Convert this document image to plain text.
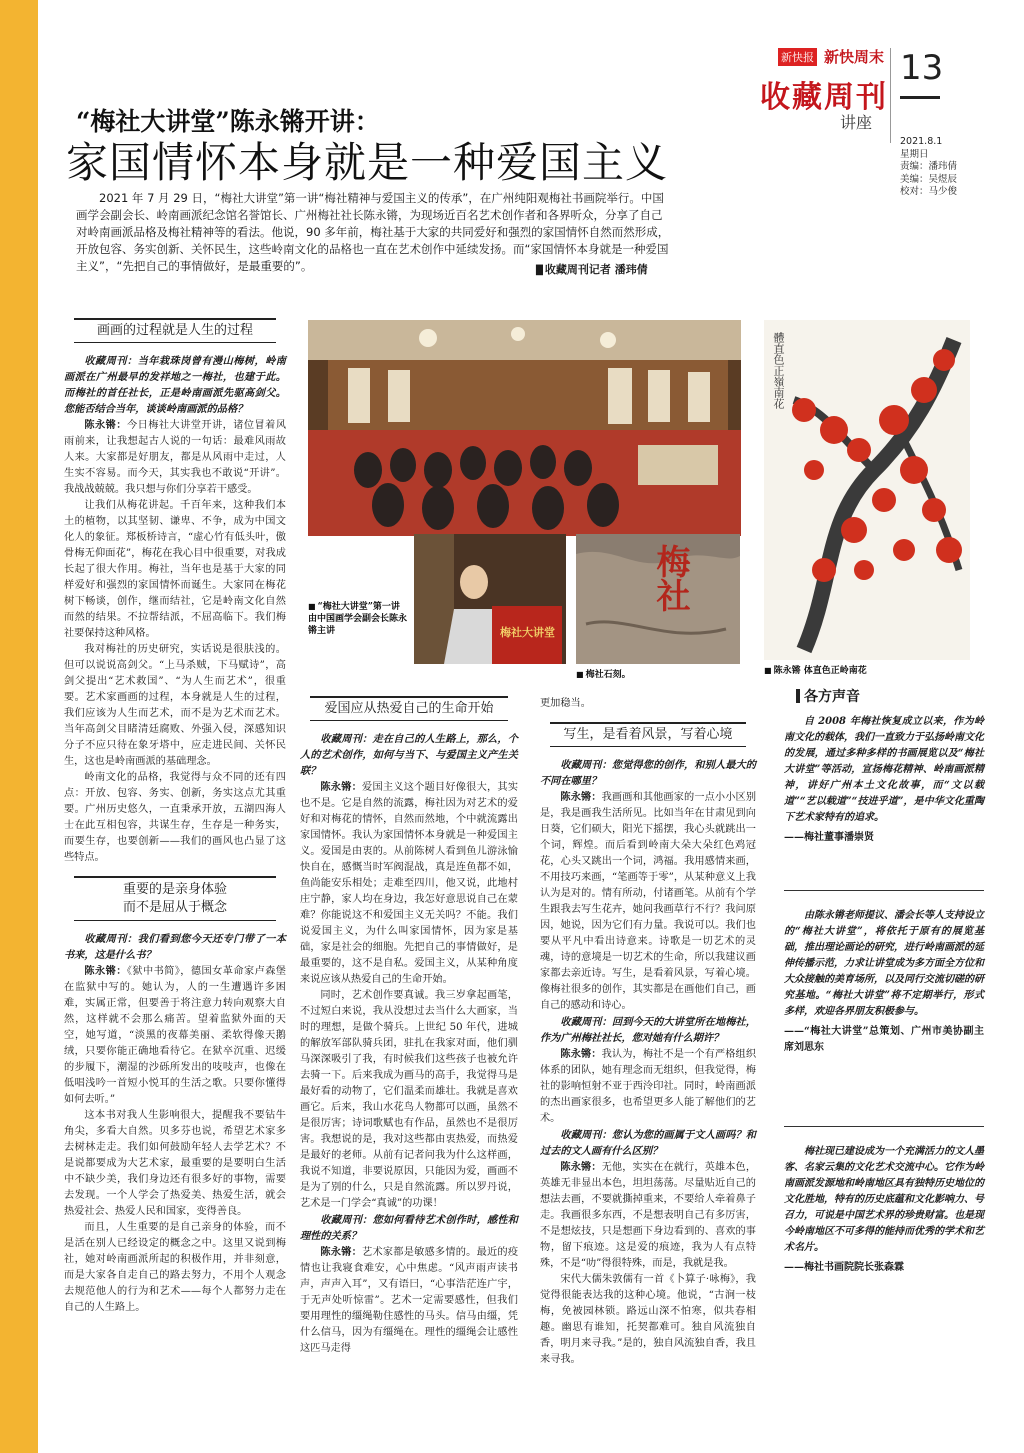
新快报 新快周末
收藏周刊
13
讲座
2021.8.1
星期日
责编：潘玮倩
美编：吴煜辰
校对：马少俊
“梅社大讲堂”陈永锵开讲：
家国情怀本身就是一种爱国主义
2021 年 7 月 29 日，“梅社大讲堂”第一讲“梅社精神与爱国主义的传承”，在广州纯阳观梅社书画院举行。中国画学会副会长、岭南画派纪念馆名誉馆长、广州梅社社长陈永锵，为现场近百名艺术创作者和各界听众，分享了自己对岭南画派品格及梅社精神等的看法。他说，90 多年前，梅社基于大家的共同爱好和强烈的家国情怀自然而然形成，开放包容、务实创新、关怀民生，这些岭南文化的品格也一直在艺术创作中延续发扬。而“家国情怀本身就是一种爱国主义”，“先把自己的事情做好，是最重要的”。	█ 收藏周刊记者 潘玮倩
画画的过程就是人生的过程

收藏周刊：当年栽珠岗曾有漫山梅树，岭南画派在广州最早的发祥地之一梅社，也建于此。而梅社的首任社长，正是岭南画派先驱高剑父。您能否结合当年，谈谈岭南画派的品格？

陈永锵：今日梅社大讲堂开讲，诸位冒着风雨前来，让我想起古人说的一句话：最难风雨故人来。大家都是好朋友，都是从风雨中走过，人生实不容易。而今天，其实我也不敢说“开讲”。我战战兢兢。我只想与你们分享若干感受。

让我们从梅花讲起。千百年来，这种我们本土的植物，以其坚韧、谦卑、不争，成为中国文化人的象征。郑板桥诗言，“虚心竹有低头叶，傲骨梅无仰面花”，梅花在我心目中很重要，对我成长起了很大作用。梅社，当年也是基于大家的同样爱好和强烈的家国情怀而诞生。大家同在梅花树下畅谈，创作，继而结社，它是岭南文化自然而然的结果。不拉帮结派，不屈高临下。我们梅社要保持这种风格。

我对梅社的历史研究，实话说是很肤浅的。但可以说说高剑父。“上马杀贼，下马赋诗”，高剑父提出“艺术救国”、“为人生而艺术”，很重要。艺术家画画的过程，本身就是人生的过程，我们应该为人生而艺术，而不是为艺术而艺术。当年高剑父目睹清廷腐败、外强入侵，深感知识分子不应只待在象牙塔中，应走进民间、关怀民生，这也是岭南画派的基础理念。

岭南文化的品格，我觉得与众不同的还有四点：开放、包容、务实、创新，务实这点尤其重要。广州历史悠久，一直秉承开放，五湖四海人士在此互相包容，共谋生存，生存是一种务实，而要生存，也要创新——我们的画风也凸显了这些特点。

重要的是亲身体验
而不是屈从于概念

收藏周刊：我们看到您今天还专门带了一本书来，这是什么书？

陈永锵：《狱中书简》，德国女革命家卢森堡在监狱中写的。她认为，人的一生遭遇许多困难，实属正常，但要善于将注意力转向观察大自然，这样就不会那么痛苦。望着监狱外面的天空，她写道，“淡黑的夜幕美丽、柔软得像天鹅绒，只要你能正确地看待它。在狱卒沉重、迟缓的步履下，潮湿的沙砾所发出的吱吱声，也像在低唱浅吟一首短小悦耳的生活之歌。只要你懂得如何去听。”

这本书对我人生影响很大，提醒我不要钻牛角尖，多看大自然。贝多芬也说，希望艺术家多去树林走走。我们如何鼓励年轻人去学艺术？不是说都要成为大艺术家，最重要的是要明白生活中不缺少美，我们身边还有很多好的事物，需要去发现。一个人学会了热爱美、热爱生活，就会热爱社会、热爱人民和国家，变得善良。

而且，人生重要的是自己亲身的体验，而不是活在别人已经设定的概念之中。这里又说到梅社，她对岭南画派所起的积极作用，并非刻意，而是大家各自走自己的路去努力，不用个人观念去规范他人的行为和艺术——每个人都努力走在自己的人生路上。

體直色正嶺南花
梅社大讲堂
■ “梅社大讲堂”第一讲由中国画学会副会长陈永锵主讲
梅社
■ 梅社石刻。	■ 陈永锵 体直色正岭南花
爱国应从热爱自己的生命开始

收藏周刊：走在自己的人生路上，那么，个人的艺术创作，如何与当下、与爱国主义产生关联？

陈永锵：爱国主义这个题目好像很大，其实也不是。它是自然的流露，梅社因为对艺术的爱好和对梅花的情怀，自然而然地，个中就流露出家国情怀。我认为家国情怀本身就是一种爱国主义。爱国是由衷的。从前陈树人看到鱼儿游泳愉快自在，感慨当时军阀混战，真是连鱼都不如，鱼尚能安乐相处；走难至四川，他又说，此地村庄宁静，家人均在身边，我怎好意思说自己在蒙难？你能说这不和爱国主义无关吗？不能。我们说爱国主义，为什么叫家国情怀，因为家是基础，家是社会的细胞。先把自己的事情做好，是最重要的，这不是自私。爱国主义，从某种角度来说应该从热爱自己的生命开始。

同时，艺术创作要真诚。我三岁拿起画笔，不过短白来说，我从没想过去当什么大画家，当时的理想，是做个骑兵。上世纪 50 年代，进城的解放军部队骑兵团，驻扎在我家对面，他们驯马深深吸引了我，有时候我们这些孩子也被允许去骑一下。后来我成为画马的高手，我觉得马是最好看的动物了，它们温柔而雄壮。我就是喜欢画它。后来，我山水花鸟人物都可以画，虽然不是很厉害；诗词歌赋也有作品，虽然也不是很厉害。我想说的是，我对这些都由衷热爱，而热爱是最好的老师。从前有记者问我为什么这样画，我说不知道，非要说原因，只能因为爱，画画不是为了别的什么，只是自然流露。所以罗丹说，艺术是一门学会“真诚”的功课！

收藏周刊：您如何看待艺术创作时，感性和理性的关系？

陈永锵：艺术家都是敏感多情的。最近的疫情也让我寝食难安，心中焦虑。“风声雨声读书声，声声入耳”，又有语曰，“心事浩茫连广宇，于无声处听惊雷”。艺术一定需要感性，但我们要用理性的缰绳勒住感性的马头。信马由缰，凭什么信马，因为有缰绳在。理性的缰绳会让感性这匹马走得

更加稳当。

写生，是看着风景，写着心境

收藏周刊：您觉得您的创作，和别人最大的不同在哪里？

陈永锵：我画画和其他画家的一点小小区别是，我是画我生活所见。比如当年在甘肃见到向日葵，它们硕大，阳光下摇摆，我心头就跳出一个词，辉煌。而后看到岭南大朵大朵红色鸡冠花，心头又跳出一个词，鸿福。我用感情来画，不用技巧来画，“笔画等于零”，从某种意义上我认为是对的。情有所动，付诸画笔。从前有个学生跟我去写生花卉，她问我画草行不行？我问原因，她说，因为它们有力量。我说可以。我们也要从平凡中看出诗意来。诗歌是一切艺术的灵魂，诗的意境是一切艺术的生命，所以我建议画家都去亲近诗。写生，是看着风景，写着心境。像梅社很多的创作，其实都是在画他们自己，画自己的感动和诗心。

收藏周刊：回到今天的大讲堂所在地梅社，作为广州梅社社长，您对她有什么期许？

陈永锵：我认为，梅社不是一个有严格组织体系的团队，她有理念而无组织，但我觉得，梅社的影响恒射不亚于西泠印社。同时，岭南画派的杰出画家很多，也希望更多人能了解他们的艺术。

收藏周刊：您认为您的画属于文人画吗？和过去的文人画有什么区别？

陈永锵：无他，实实在在就行，英雄本色，英雄无非显出本色，坦坦荡荡。尽量贴近自己的想法去画，不要就撕掉重来，不要给人牵着鼻子走。我画很多东西，不是想表明自己有多厉害，不是想炫技，只是想画下身边看到的、喜欢的事物，留下痕迹。这是爱的痕迹，我为人有点特殊，不是“叻”得很特殊，而是，我就是我。

宋代大儒朱敦儒有一首《卜算子·咏梅》，我觉得很能表达我的这种心境。他说，“古涧一枝梅，免被园林锁。路远山深不怕寒，似共春相趣。幽思有谁知，托契都难可。独自风流独自香，明月来寻我。”是的，独自风流独自香，我且来寻我。

各方声音

自 2008 年梅社恢复成立以来，作为岭南文化的载体，我们一直致力于弘扬岭南文化的发展，通过多种多样的书画展览以及“梅社大讲堂”等活动，宣扬梅花精神、岭南画派精神，讲好广州本土文化故事，而“文以载道”“艺以载道”“技进乎道”，是中华文化重陶下艺术家特有的追求。

——梅社董事潘崇贤

由陈永锵老师提议、潘会长等人支持设立的“梅社大讲堂”，将依托于原有的展览基础，推出理论画论的研究，进行岭南画派的延伸传播示范，力求让讲堂成为多方面全方位和大众接触的美育场所，以及同行交流切磋的研究基地。“梅社大讲堂”将不定期举行，形式多样，欢迎各界朋友积极参与。

——“梅社大讲堂”总策划、广州市美协副主席刘思东

梅社现已建设成为一个充满活力的文人墨客、名家云集的文化艺术交流中心。它作为岭南画派发源地和岭南地区具有独特历史地位的文化胜地，特有的历史底蕴和文化影响力、号召力，可说是中国艺术界的珍贵财富。也是现今岭南地区不可多得的能持而优秀的学术和艺术名片。

——梅社书画院院长张森霖
